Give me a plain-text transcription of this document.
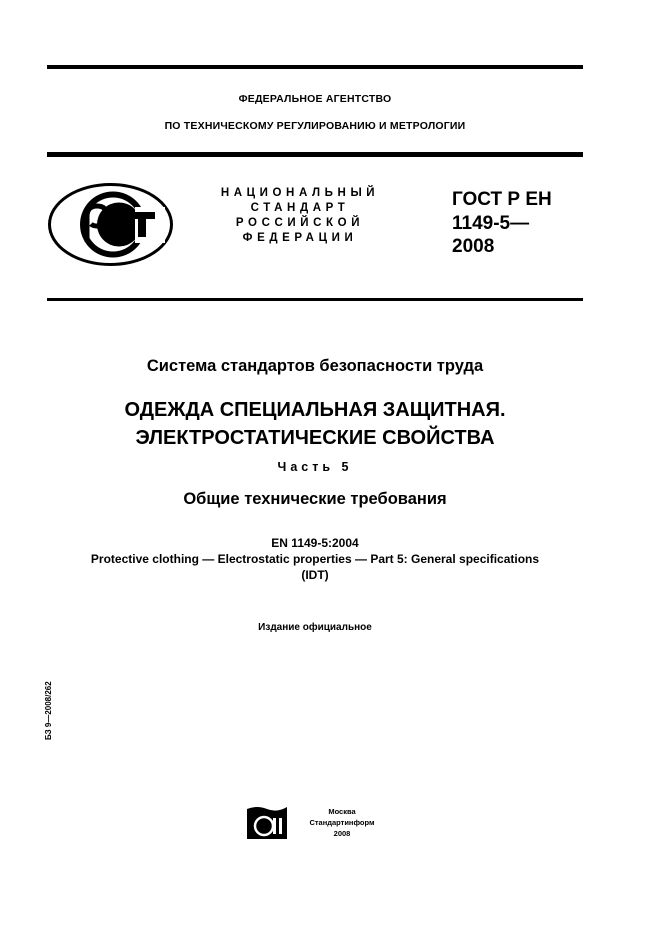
ФЕДЕРАЛЬНОЕ АГЕНТСТВО
ПО ТЕХНИЧЕСКОМУ РЕГУЛИРОВАНИЮ И МЕТРОЛОГИИ
НАЦИОНАЛЬНЫЙ
СТАНДАРТ
РОССИЙСКОЙ
ФЕДЕРАЦИИ
ГОСТ Р ЕН
1149-5—
2008
Система стандартов безопасности труда
ОДЕЖДА СПЕЦИАЛЬНАЯ ЗАЩИТНАЯ.
ЭЛЕКТРОСТАТИЧЕСКИЕ СВОЙСТВА
Часть 5
Общие технические требования
EN 1149-5:2004
Protective clothing — Electrostatic properties — Part 5: General specifications
(IDT)
Издание официальное
БЗ 9—2008/262
Москва
Стандартинформ
2008
